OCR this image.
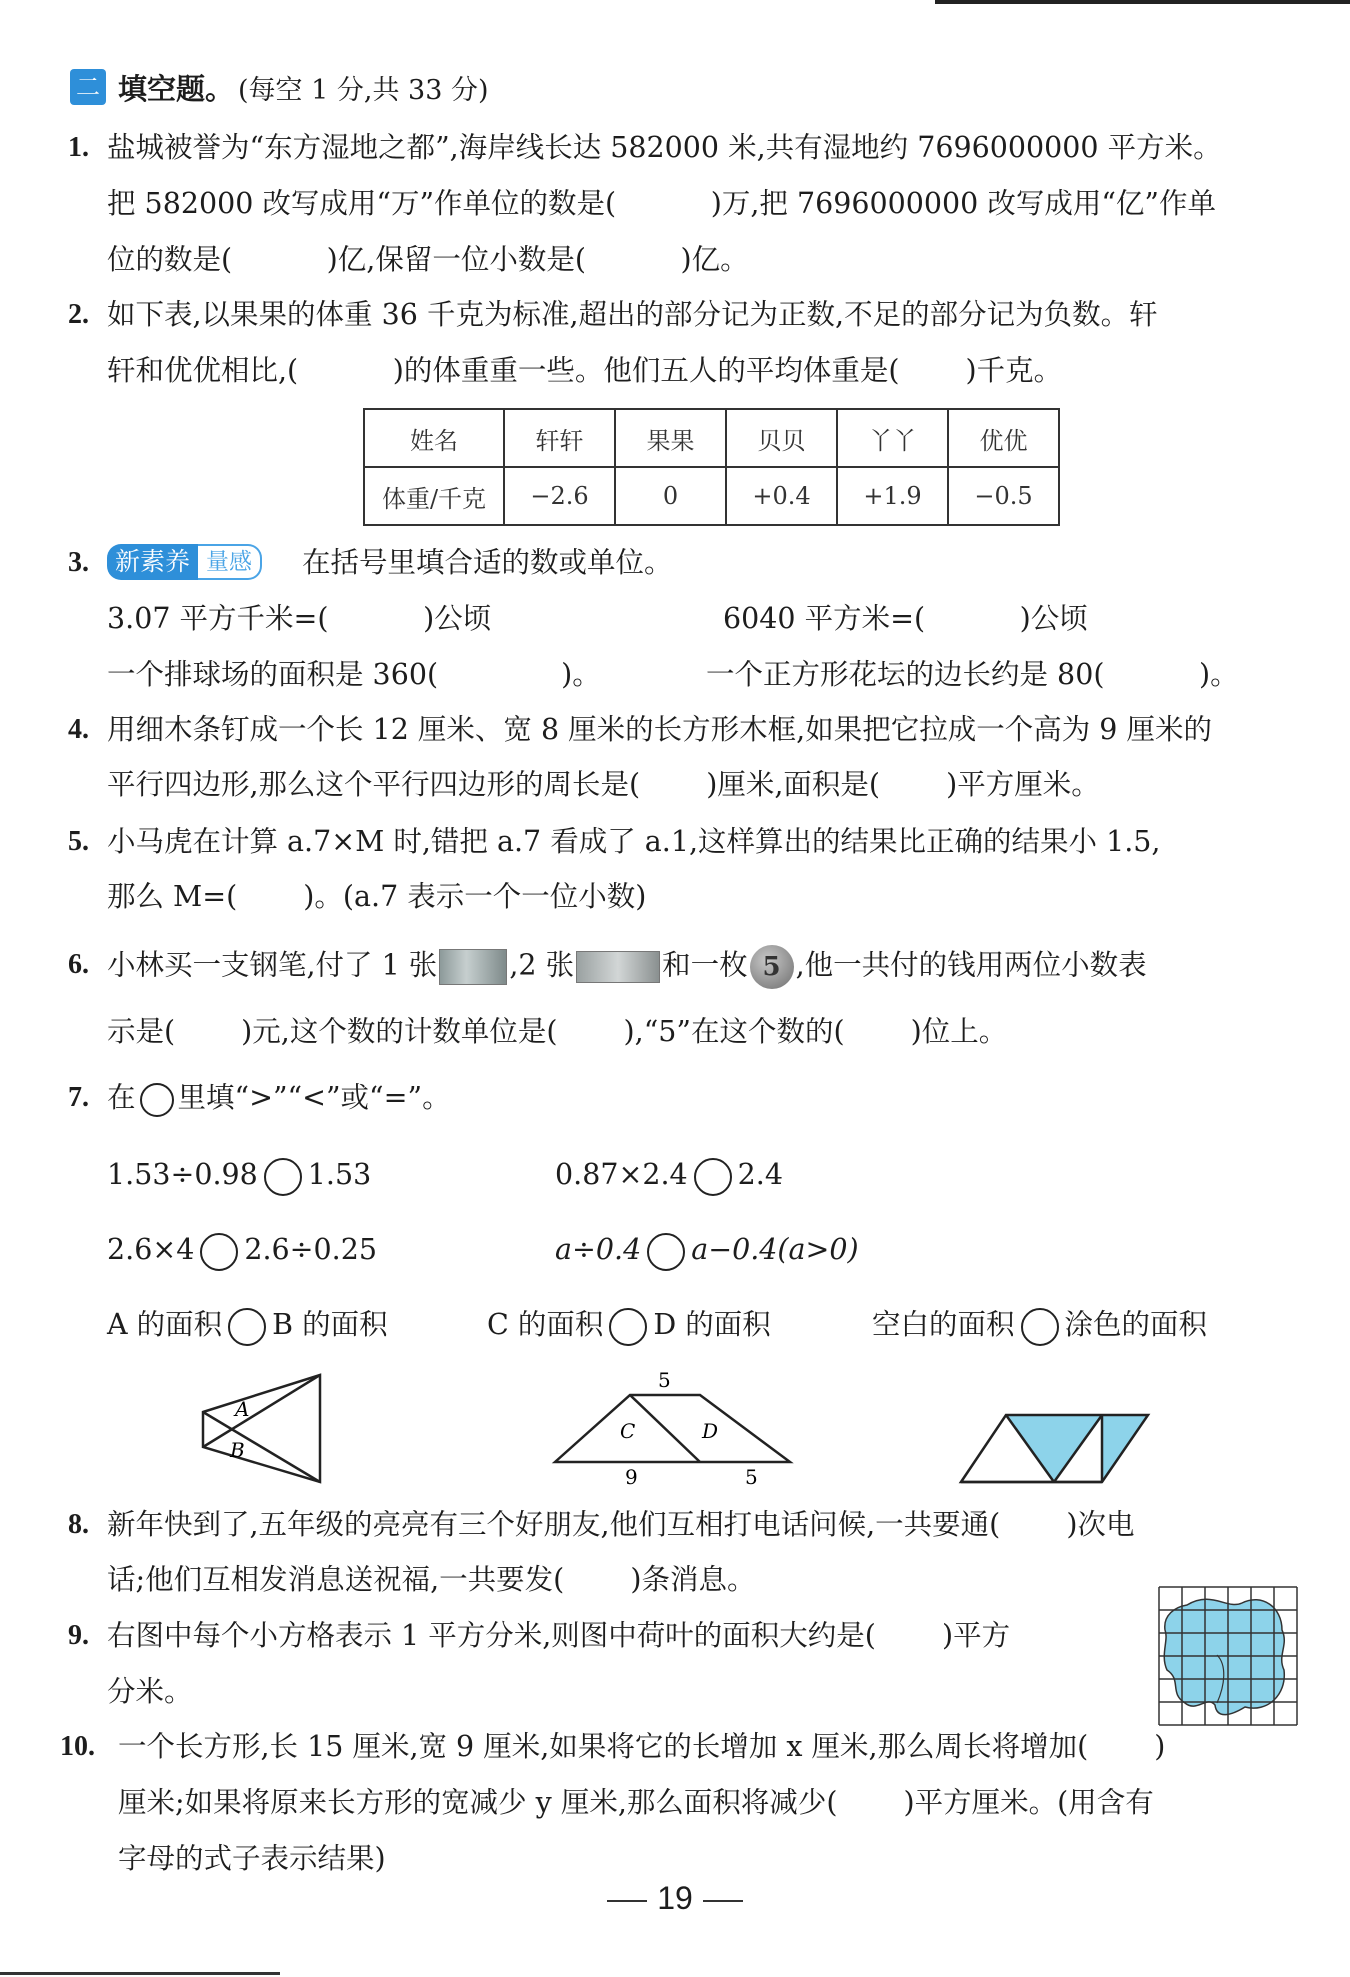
二 填空题。 (每空 1 分,共 33 分)
1. 盐城被誉为“东方湿地之都”,海岸线长达 582000 米,共有湿地约 7696000000 平方米。
把 582000 改写成用“万”作单位的数是(　　　 )万,把 7696000000 改写成用“亿”作单
位的数是(　　　 )亿,保留一位小数是(　　　 )亿。
2. 如下表,以果果的体重 36 千克为标准,超出的部分记为正数,不足的部分记为负数。轩
轩和优优相比,(　　　 )的体重重一些。他们五人的平均体重是(　　 )千克。
姓名	轩轩	果果	贝贝	丫丫	优优
体重/千克	−2.6	0	+0.4	+1.9	−0.5
3.	新素养 量感	在括号里填合适的数或单位。
3.07 平方千米=(　　　 )公顷	6040 平方米=(　　　 )公顷
一个排球场的面积是 360(　　　　 )。	一个正方形花坛的边长约是 80(　　　 )。
4. 用细木条钉成一个长 12 厘米、宽 8 厘米的长方形木框,如果把它拉成一个高为 9 厘米的
平行四边形,那么这个平行四边形的周长是(　　 )厘米,面积是(　　 )平方厘米。
5. 小马虎在计算 a.7×M 时,错把 a.7 看成了 a.1,这样算出的结果比正确的结果小 1.5,
那么 M=(　　 )。(a.7 表示一个一位小数)
6. 小林买一支钢笔,付了 1 张	,2 张	和一枚 5 ,他一共付的钱用两位小数表
示是(　　 )元,这个数的计数单位是(　　 ),“5”在这个数的(　　 )位上。
7. 在 里填“>”“<”或“=”。
1.53÷0.98 1.53	0.87×2.4 2.4
2.6×4 2.6÷0.25	a÷0.4 a−0.4(a>0)
A 的面积 B 的面积	C 的面积 D 的面积	空白的面积 涂色的面积
A
B
5
C	D
9	5
8. 新年快到了,五年级的亮亮有三个好朋友,他们互相打电话问候,一共要通(　　 )次电
话;他们互相发消息送祝福,一共要发(　　 )条消息。
9. 右图中每个小方格表示 1 平方分米,则图中荷叶的面积大约是(　　 )平方
分米。
10. 一个长方形,长 15 厘米,宽 9 厘米,如果将它的长增加 x 厘米,那么周长将增加(　　 )
厘米;如果将原来长方形的宽减少 y 厘米,那么面积将减少(　　 )平方厘米。(用含有
字母的式子表示结果)
19
